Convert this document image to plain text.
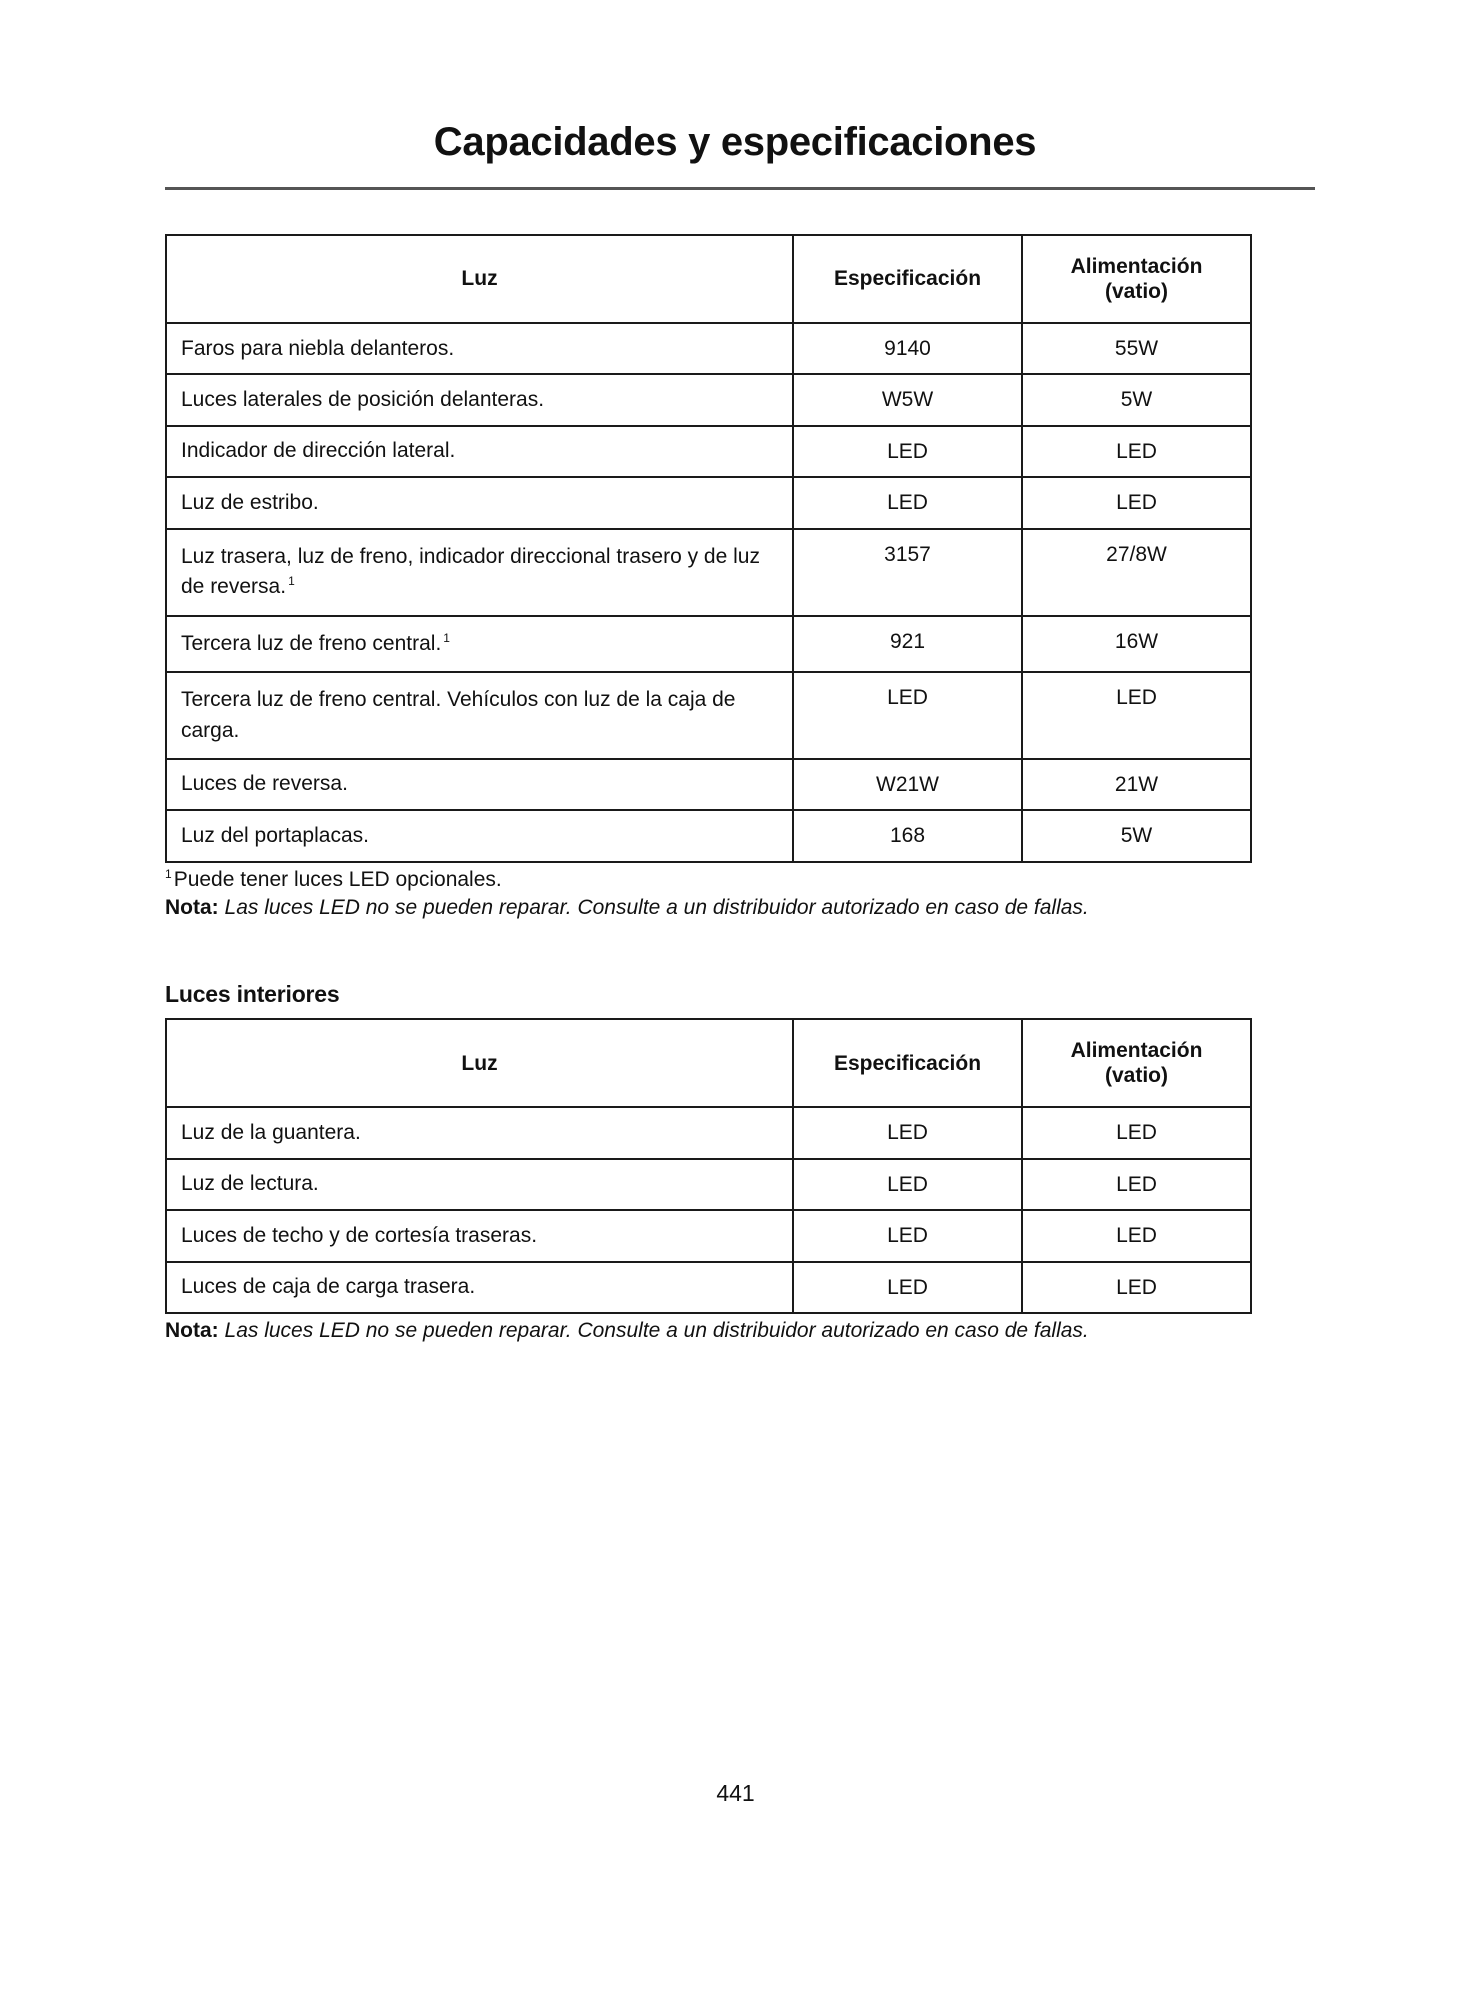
Capacidades y especificaciones
Luz	Especificación	Alimentación
(vatio)
Faros para niebla delanteros.	9140	55W
Luces laterales de posición delanteras.	W5W	5W
Indicador de dirección lateral.	LED	LED
Luz de estribo.	LED	LED
Luz trasera, luz de freno, indicador direccional trasero y de luz de reversa. $^1$	3157	27/8W
Tercera luz de freno central. $^1$	921	16W
Tercera luz de freno central. Vehículos con luz de la caja de carga.	LED	LED
Luces de reversa.	W21W	21W
Luz del portaplacas.	168	5W

$^1$Puede tener luces LED opcionales.

Nota: Las luces LED no se pueden reparar. Consulte a un distribuidor autorizado en caso de fallas.

Luces interiores
Luz	Especificación	Alimentación
(vatio)
Luz de la guantera.	LED	LED
Luz de lectura.	LED	LED
Luces de techo y de cortesía traseras.	LED	LED
Luces de caja de carga trasera.	LED	LED

Nota: Las luces LED no se pueden reparar. Consulte a un distribuidor autorizado en caso de fallas.

441
